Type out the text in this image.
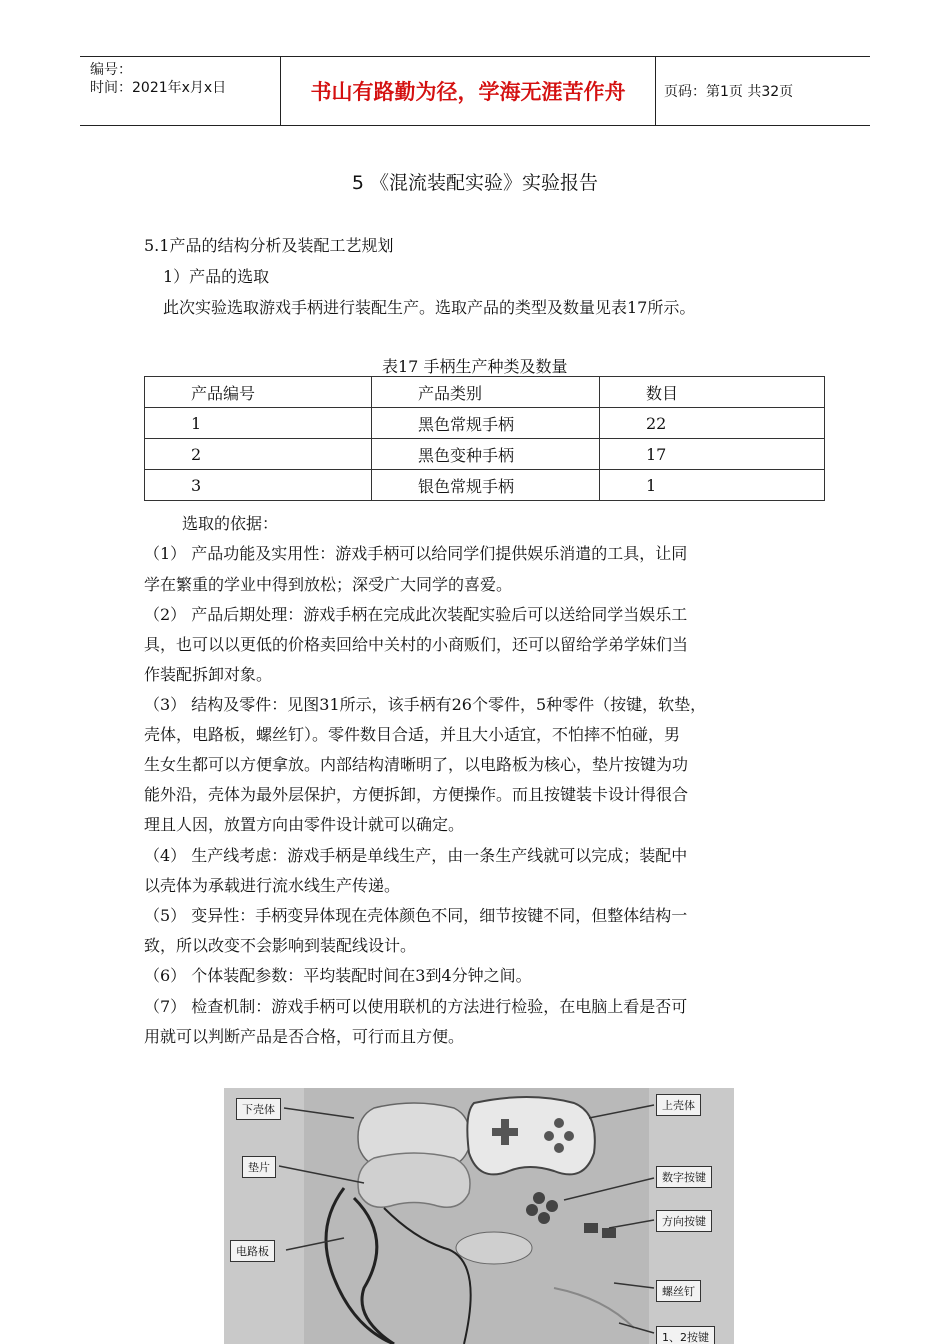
编号：
时间：2021年x月x日	书山有路勤为径，学海无涯苦作舟	页码：第1页 共32页
5 《混流装配实验》实验报告
5.1产品的结构分析及装配工艺规划
1）产品的选取
此次实验选取游戏手柄进行装配生产。选取产品的类型及数量见表17所示。
表17 手柄生产种类及数量
产品编号	产品类别	数目
1	黑色常规手柄	22
2	黑色变种手柄	17
3	银色常规手柄	1
选取的依据：
（1） 产品功能及实用性：游戏手柄可以给同学们提供娱乐消遣的工具，让同
学在繁重的学业中得到放松；深受广大同学的喜爱。
（2） 产品后期处理：游戏手柄在完成此次装配实验后可以送给同学当娱乐工
具，也可以以更低的价格卖回给中关村的小商贩们，还可以留给学弟学妹们当
作装配拆卸对象。
（3） 结构及零件：见图31所示，该手柄有26个零件，5种零件（按键，软垫，
壳体，电路板，螺丝钉）。零件数目合适，并且大小适宜，不怕摔不怕碰，男
生女生都可以方便拿放。内部结构清晰明了，以电路板为核心，垫片按键为功
能外沿，壳体为最外层保护，方便拆卸，方便操作。而且按键装卡设计得很合
理且人因，放置方向由零件设计就可以确定。
（4） 生产线考虑：游戏手柄是单线生产，由一条生产线就可以完成；装配中
以壳体为承载进行流水线生产传递。
（5） 变异性：手柄变异体现在壳体颜色不同，细节按键不同，但整体结构一
致，所以改变不会影响到装配线设计。
（6） 个体装配参数：平均装配时间在3到4分钟之间。
（7） 检查机制：游戏手柄可以使用联机的方法进行检验，在电脑上看是否可
用就可以判断产品是否合格，可行而且方便。
下壳体
垫片
电路板
上壳体
数字按键
方向按键
螺丝钉
1、2按键
